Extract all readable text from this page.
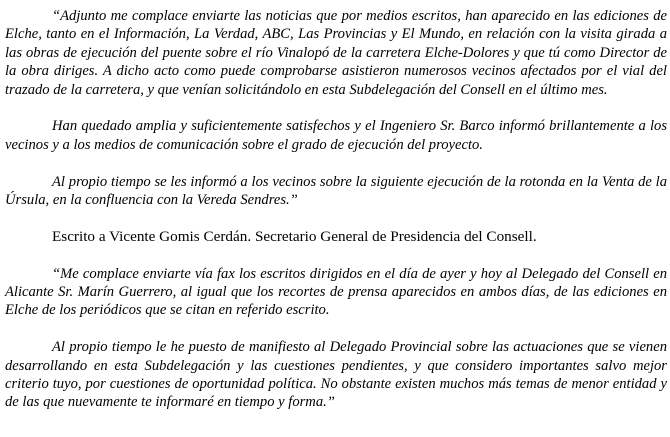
“Adjunto me complace enviarte las noticias que por medios escritos, han aparecido en las ediciones de Elche, tanto en el Información, La Verdad, ABC, Las Provincias y El Mundo, en relación con la visita girada a las obras de ejecución del puente sobre el río Vinalopó de la carretera Elche-Dolores y que tú como Director de la obra diriges. A dicho acto como puede comprobarse asistieron numerosos vecinos afectados por el vial del trazado de la carretera, y que venían solicitándolo en esta Subdelegación del Consell en el último mes.

Han quedado amplia y suficientemente satisfechos y el Ingeniero Sr. Barco informó brillantemente a los vecinos y a los medios de comunicación sobre el grado de ejecución del proyecto.

Al propio tiempo se les informó a los vecinos sobre la siguiente ejecución de la rotonda en la Venta de la Úrsula, en la confluencia con la Vereda Sendres.”

Escrito a Vicente Gomis Cerdán. Secretario General de Presidencia del Consell.

“Me complace enviarte vía fax los escritos dirigidos en el día de ayer y hoy al Delegado del Consell en Alicante Sr. Marín Guerrero, al igual que los recortes de prensa aparecidos en ambos días, de las ediciones en Elche de los periódicos que se citan en referido escrito.

Al propio tiempo le he puesto de manifiesto al Delegado Provincial sobre las actuaciones que se vienen desarrollando en esta Subdelegación y las cuestiones pendientes, y que considero importantes salvo mejor criterio tuyo, por cuestiones de oportunidad política. No obstante existen muchos más temas de menor entidad y de las que nuevamente te informaré en tiempo y forma.”
